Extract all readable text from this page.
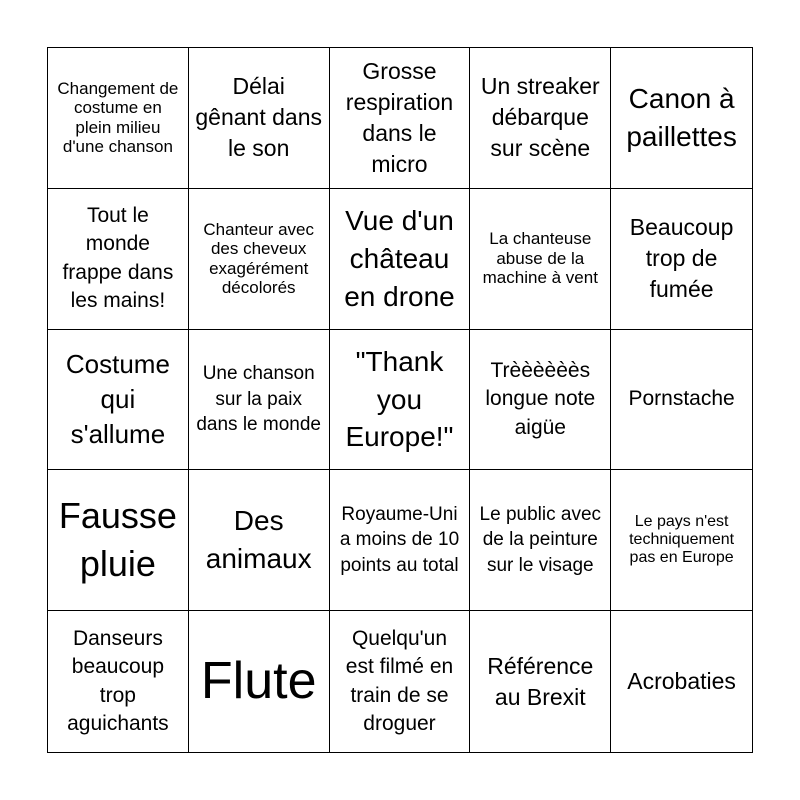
Changement de costume en plein milieu d'une chanson
Délai gênant dans le son
Grosse respiration dans le micro
Un streaker débarque sur scène
Canon à paillettes
Tout le monde frappe dans les mains!
Chanteur avec des cheveux exagérément décolorés
Vue d'un château en drone
La chanteuse abuse de la machine à vent
Beaucoup trop de fumée
Costume qui s'allume
Une chanson sur la paix dans le monde
"Thank you Europe!"
Trèèèèèès longue note aigüe
Pornstache
Fausse pluie
Des animaux
Royaume-Uni a moins de 10 points au total
Le public avec de la peinture sur le visage
Le pays n'est techniquement pas en Europe
Danseurs beaucoup trop aguichants
Flute
Quelqu'un est filmé en train de se droguer
Référence au Brexit
Acrobaties
